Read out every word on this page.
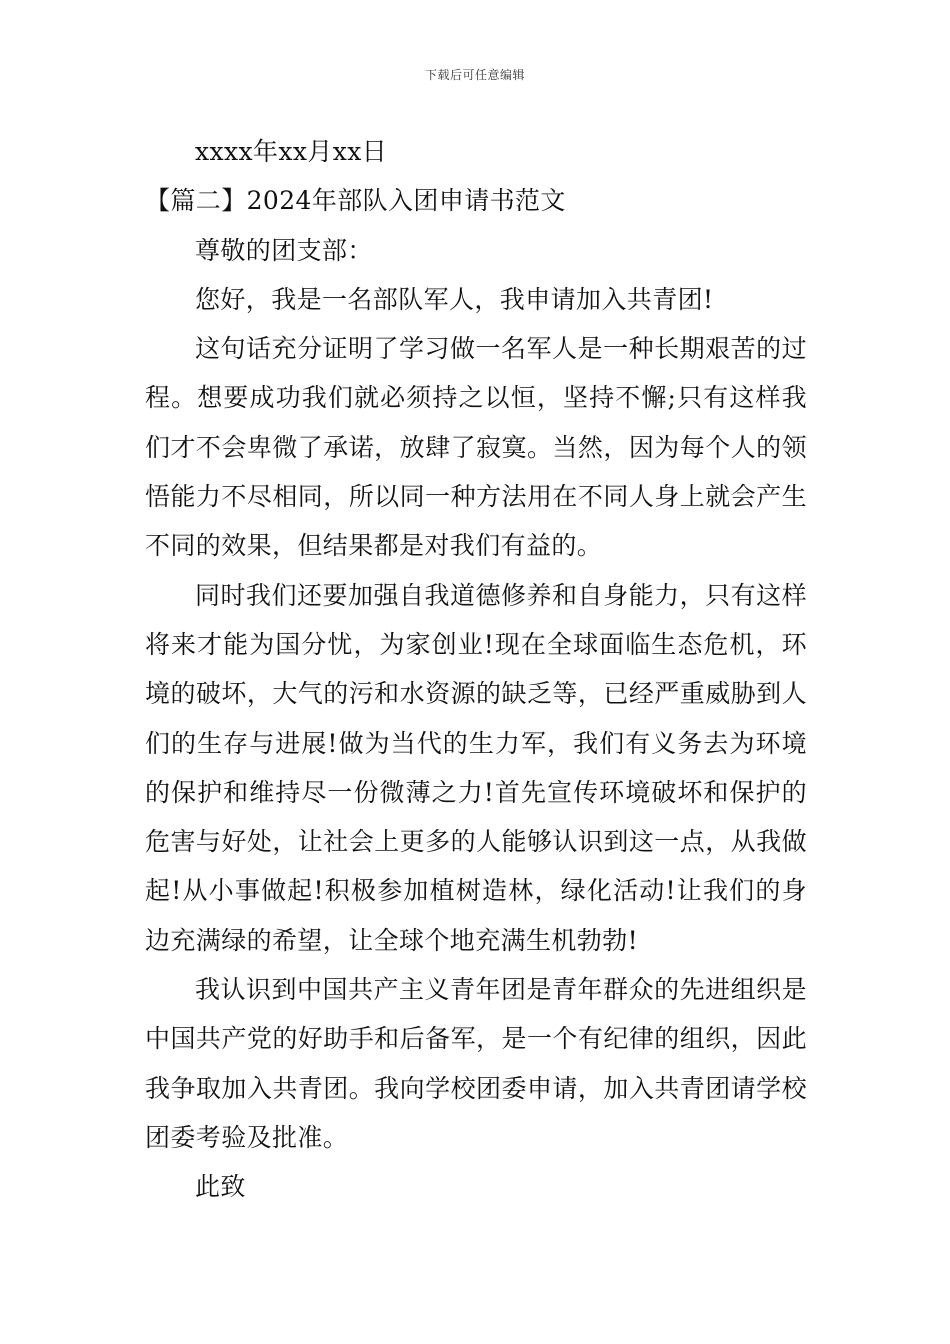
下载后可任意编辑
xxxx年xx月xx日
【篇二】2024年部队入团申请书范文
尊敬的团支部：
您好，我是一名部队军人，我申请加入共青团!
这句话充分证明了学习做一名军人是一种长期艰苦的过程。想要成功我们就必须持之以恒，坚持不懈;只有这样我们才不会卑微了承诺，放肆了寂寞。当然，因为每个人的领悟能力不尽相同，所以同一种方法用在不同人身上就会产生不同的效果，但结果都是对我们有益的。
同时我们还要加强自我道德修养和自身能力，只有这样将来才能为国分忧，为家创业!现在全球面临生态危机，环境的破坏，大气的污和水资源的缺乏等，已经严重威胁到人们的生存与进展!做为当代的生力军，我们有义务去为环境的保护和维持尽一份微薄之力!首先宣传环境破坏和保护的危害与好处，让社会上更多的人能够认识到这一点，从我做起!从小事做起!积极参加植树造林，绿化活动!让我们的身边充满绿的希望，让全球个地充满生机勃勃!
我认识到中国共产主义青年团是青年群众的先进组织是中国共产党的好助手和后备军，是一个有纪律的组织，因此我争取加入共青团。我向学校团委申请，加入共青团请学校团委考验及批准。
此致
